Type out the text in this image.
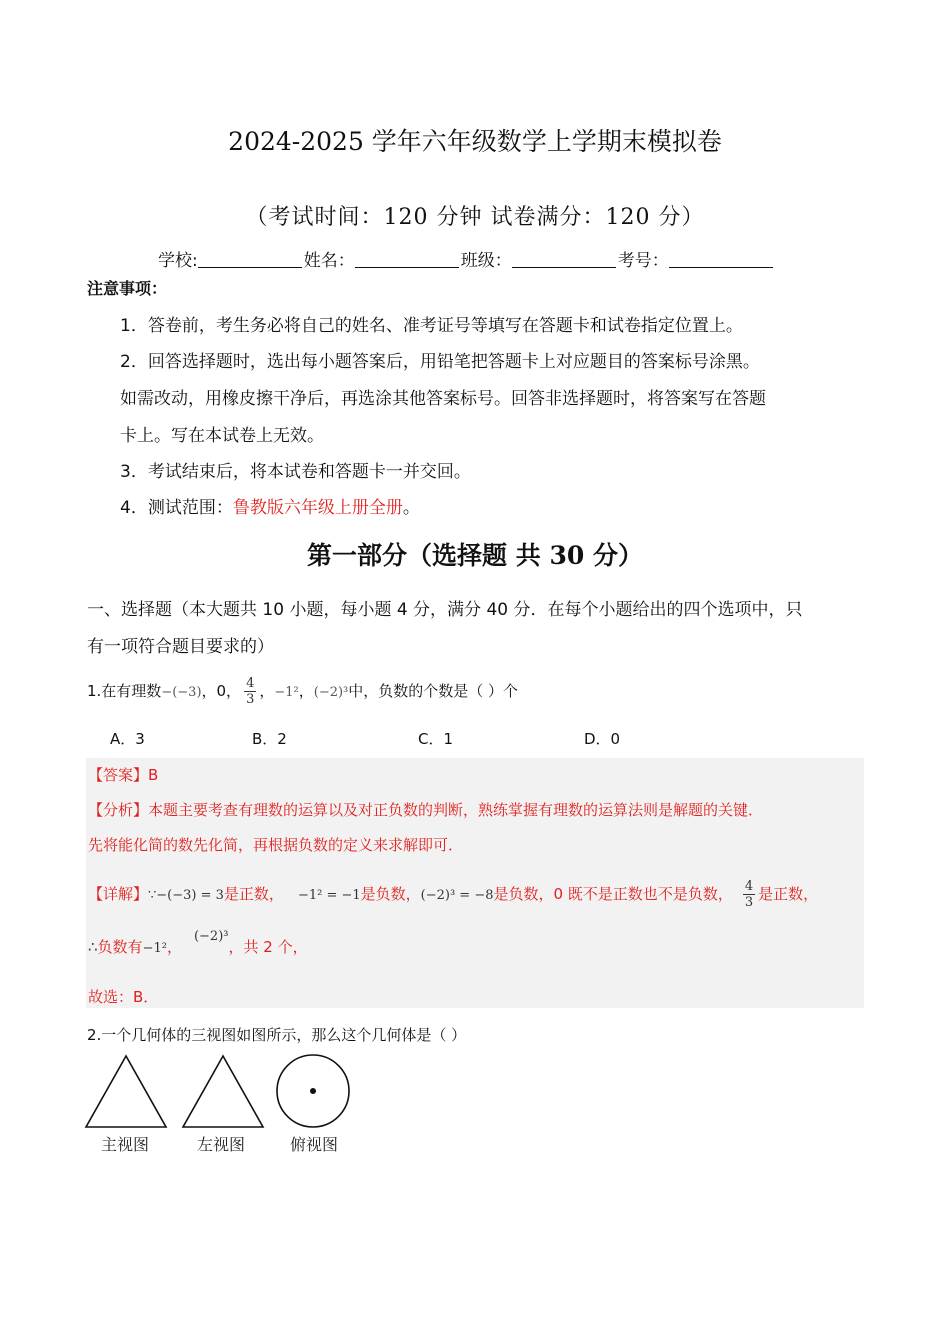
2024-2025 学年六年级数学上学期末模拟卷
（考试时间：120 分钟 试卷满分：120 分）
学校:	姓名：	班级：	考号：
注意事项：
1．答卷前，考生务必将自己的姓名、准考证号等填写在答题卡和试卷指定位置上。
2．回答选择题时，选出每小题答案后，用铅笔把答题卡上对应题目的答案标号涂黑。
如需改动，用橡皮擦干净后，再选涂其他答案标号。回答非选择题时，将答案写在答题
卡上。写在本试卷上无效。
3．考试结束后，将本试卷和答题卡一并交回。
4．测试范围：鲁教版六年级上册全册。
第一部分（选择题 共 30 分）
一、选择题（本大题共 10 小题，每小题 4 分，满分 40 分．在每个小题给出的四个选项中，只
有一项符合题目要求的）
1.在有理数−(−3)，0， $\frac{4}{3}$ ，−1²，(−2)³中，负数的个数是（ ）个
A．3	B．2	C．1	D．0
【答案】B
【分析】本题主要考查有理数的运算以及对正负数的判断，熟练掌握有理数的运算法则是解题的关键．
先将能化简的数先化简，再根据负数的定义来求解即可．
【详解】∵−(−3) = 3是正数， −1² = −1是负数，(−2)³ = −8是负数，0 既不是正数也不是负数， $\frac{4}{3}$ 是正数，
∴负数有−1²，(−2)³，共 2 个，
故选：B．
2.一个几何体的三视图如图所示，那么这个几何体是（ ）
主视图	左视图	俯视图
